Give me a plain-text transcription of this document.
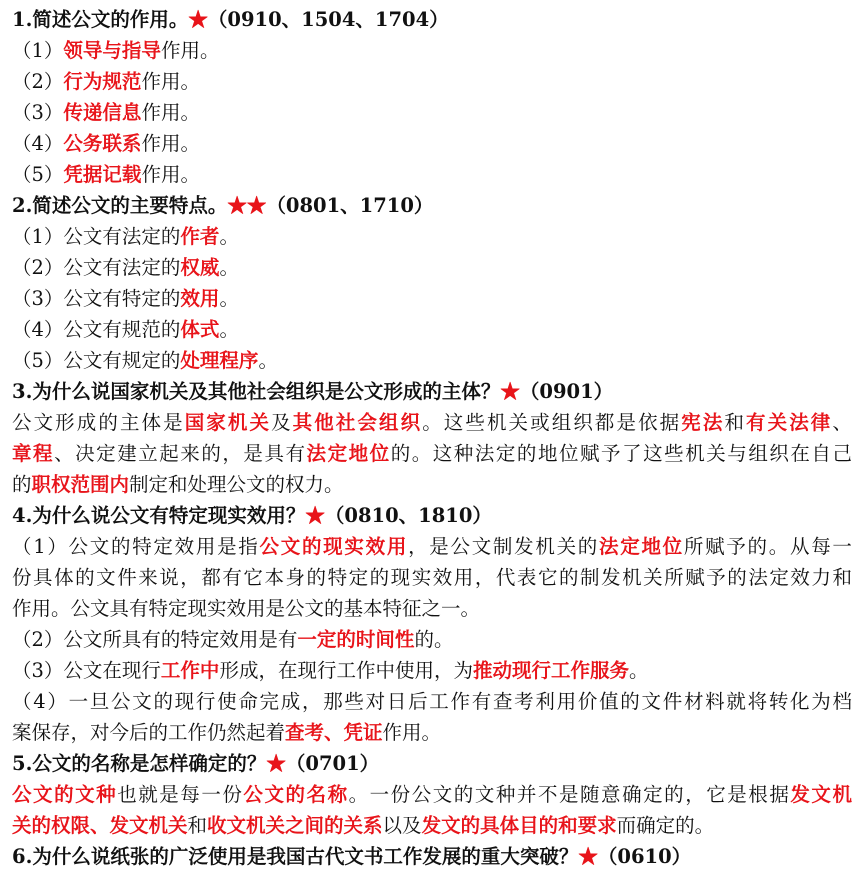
1.简述公文的作用。★（0910、1504、1704）
（1）领导与指导作用。
（2）行为规范作用。
（3）传递信息作用。
（4）公务联系作用。
（5）凭据记载作用。
2.简述公文的主要特点。★★（0801、1710）
（1）公文有法定的作者。
（2）公文有法定的权威。
（3）公文有特定的效用。
（4）公文有规范的体式。
（5）公文有规定的处理程序。
3.为什么说国家机关及其他社会组织是公文形成的主体？★（0901）
公文形成的主体是国家机关及其他社会组织。这些机关或组织都是依据宪法和有关法律、
章程、决定建立起来的，是具有法定地位的。这种法定的地位赋予了这些机关与组织在自己
的职权范围内制定和处理公文的权力。
4.为什么说公文有特定现实效用？★（0810、1810）
（1）公文的特定效用是指公文的现实效用，是公文制发机关的法定地位所赋予的。从每一
份具体的文件来说，都有它本身的特定的现实效用，代表它的制发机关所赋予的法定效力和
作用。公文具有特定现实效用是公文的基本特征之一。
（2）公文所具有的特定效用是有一定的时间性的。
（3）公文在现行工作中形成，在现行工作中使用，为推动现行工作服务。
（4）一旦公文的现行使命完成，那些对日后工作有查考利用价值的文件材料就将转化为档
案保存，对今后的工作仍然起着查考、凭证作用。
5.公文的名称是怎样确定的？★（0701）
公文的文种也就是每一份公文的名称。一份公文的文种并不是随意确定的，它是根据发文机
关的权限、发文机关和收文机关之间的关系以及发文的具体目的和要求而确定的。
6.为什么说纸张的广泛使用是我国古代文书工作发展的重大突破？★（0610）
